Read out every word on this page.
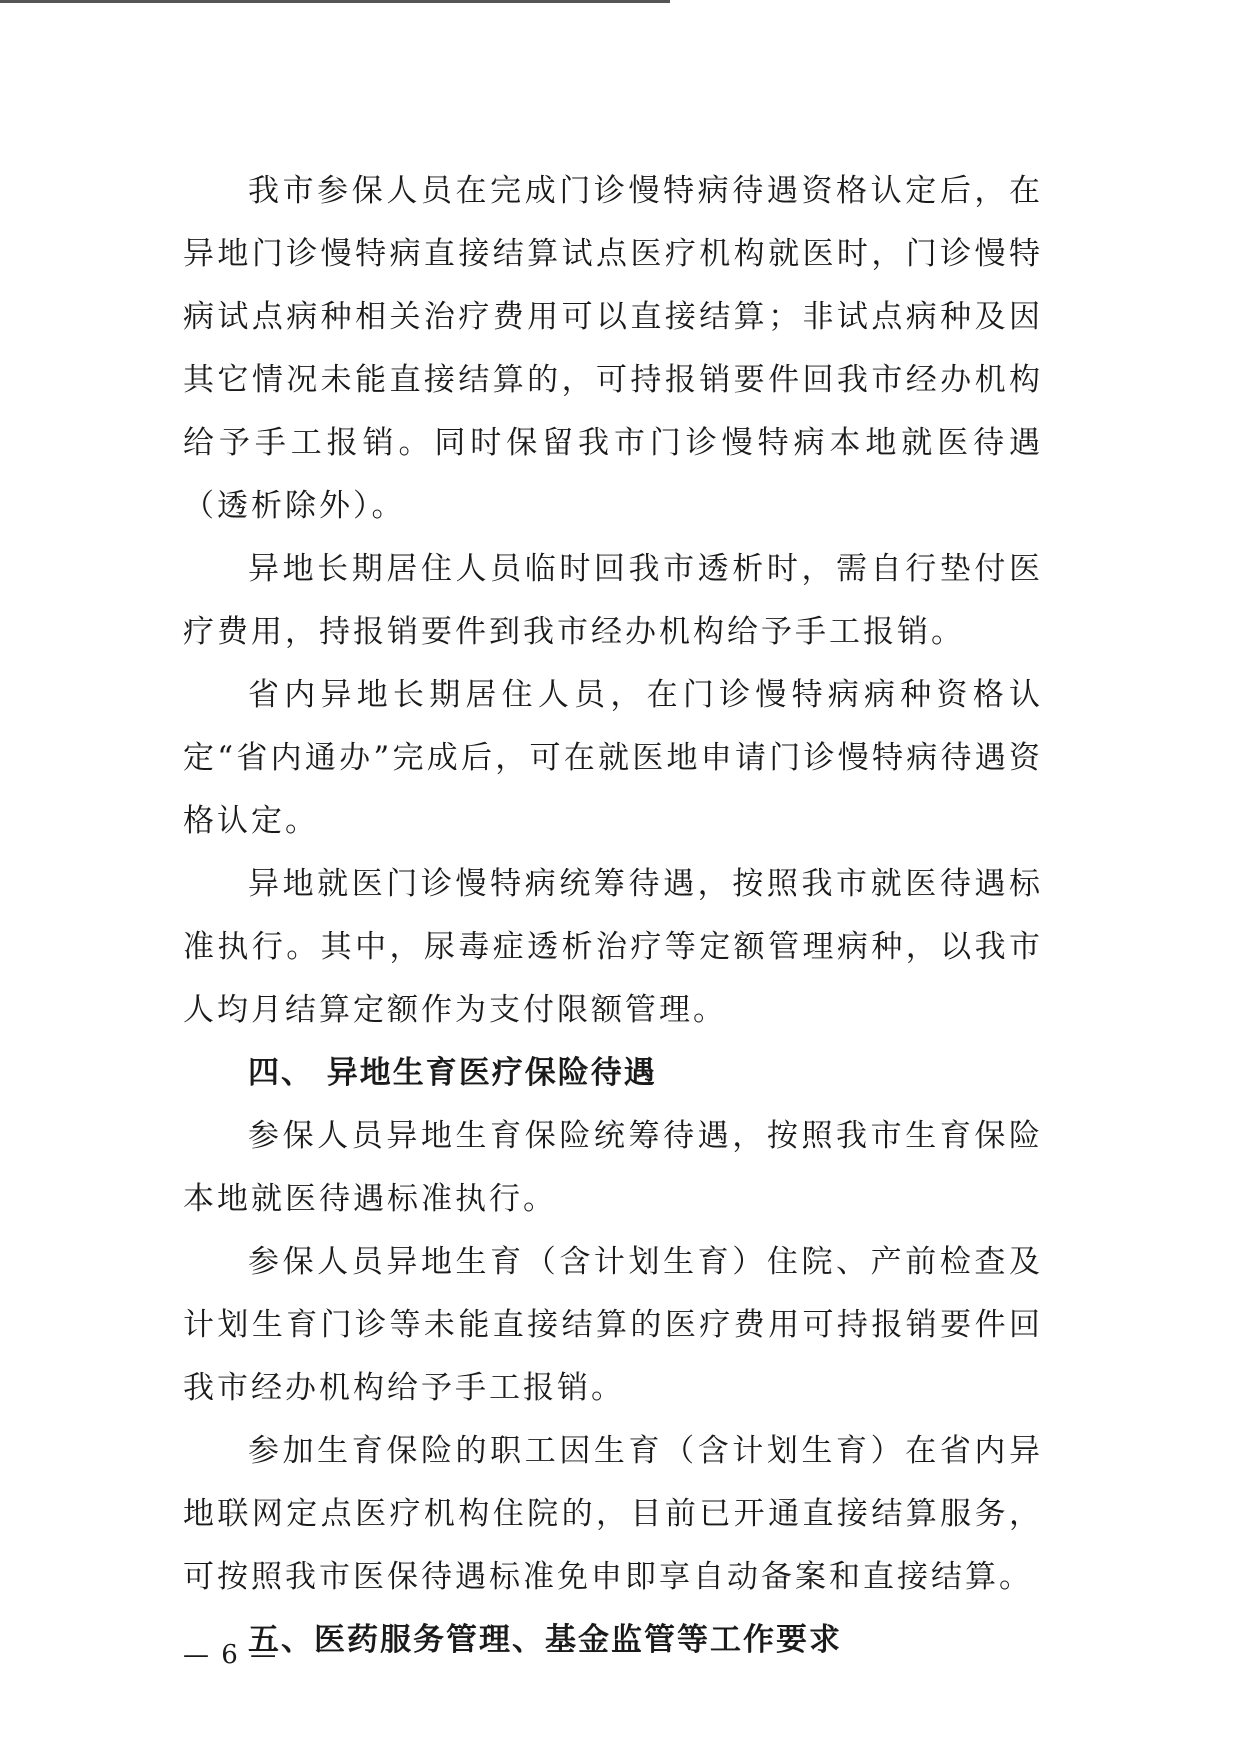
我市参保人员在完成门诊慢特病待遇资格认定后，在异地门诊慢特病直接结算试点医疗机构就医时，门诊慢特病试点病种相关治疗费用可以直接结算；非试点病种及因其它情况未能直接结算的，可持报销要件回我市经办机构给予手工报销。同时保留我市门诊慢特病本地就医待遇（透析除外）。

异地长期居住人员临时回我市透析时，需自行垫付医疗费用，持报销要件到我市经办机构给予手工报销。

省内异地长期居住人员，在门诊慢特病病种资格认定“省内通办”完成后，可在就医地申请门诊慢特病待遇资格认定。

异地就医门诊慢特病统筹待遇，按照我市就医待遇标准执行。其中，尿毒症透析治疗等定额管理病种，以我市人均月结算定额作为支付限额管理。

四、 异地生育医疗保险待遇

参保人员异地生育保险统筹待遇，按照我市生育保险本地就医待遇标准执行。

参保人员异地生育（含计划生育）住院、产前检查及计划生育门诊等未能直接结算的医疗费用可持报销要件回我市经办机构给予手工报销。

参加生育保险的职工因生育（含计划生育）在省内异地联网定点医疗机构住院的，目前已开通直接结算服务，可按照我市医保待遇标准免申即享自动备案和直接结算。

五、医药服务管理、基金监管等工作要求

— 6 —
